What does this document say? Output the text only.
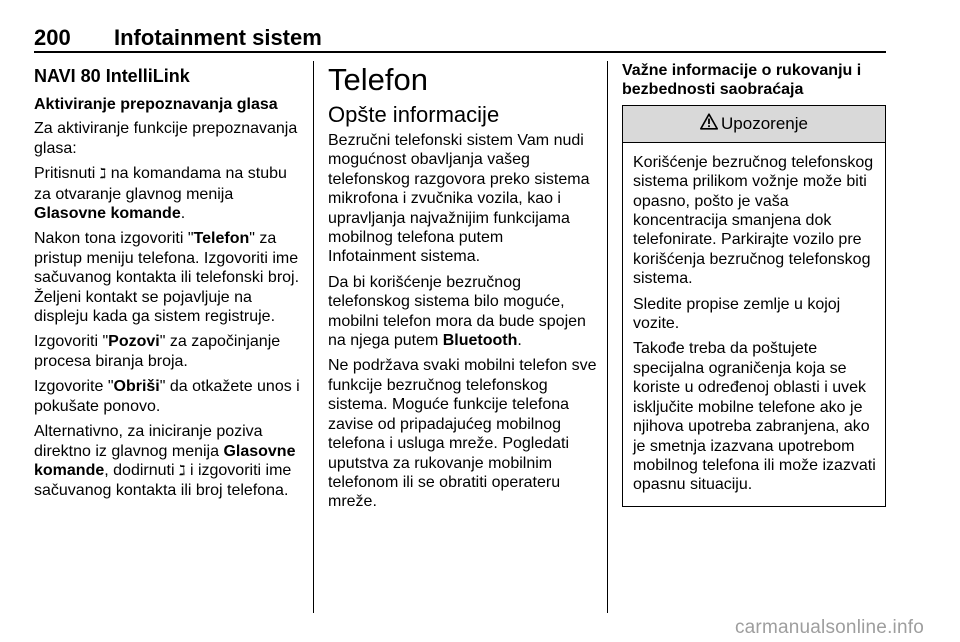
200 Infotainment sistem
NAVI 80 IntelliLink
Aktiviranje prepoznavanja glasa
Za aktiviranje funkcije prepoznavanja
glasa:
Pritisnuti ℷ na komandama na stubu
za otvaranje glavnog menija
Glasovne komande.
Nakon tona izgovoriti "Telefon" za
pristup meniju telefona. Izgovoriti ime
sačuvanog kontakta ili telefonski broj.
Željeni kontakt se pojavljuje na
displeju kada ga sistem registruje.
Izgovoriti "Pozovi" za započinjanje
procesa biranja broja.
Izgovorite "Obriši" da otkažete unos i
pokušate ponovo.
Alternativno, za iniciranje poziva
direktno iz glavnog menija Glasovne
komande, dodirnuti ℷ i izgovoriti ime
sačuvanog kontakta ili broj telefona.
Telefon
Opšte informacije
Bezručni telefonski sistem Vam nudi
mogućnost obavljanja vašeg
telefonskog razgovora preko sistema
mikrofona i zvučnika vozila, kao i
upravljanja najvažnijim funkcijama
mobilnog telefona putem
Infotainment sistema.
Da bi korišćenje bezručnog
telefonskog sistema bilo moguće,
mobilni telefon mora da bude spojen
na njega putem Bluetooth.
Ne podržava svaki mobilni telefon sve
funkcije bezručnog telefonskog
sistema. Moguće funkcije telefona
zavise od pripadajućeg mobilnog
telefona i usluga mreže. Pogledati
uputstva za rukovanje mobilnim
telefonom ili se obratiti operateru
mreže.
Važne informacije o rukovanju i
bezbednosti saobraćaja
Upozorenje
Korišćenje bezručnog telefonskog
sistema prilikom vožnje može biti
opasno, pošto je vaša
koncentracija smanjena dok
telefonirate. Parkirajte vozilo pre
korišćenja bezručnog telefonskog
sistema.
Sledite propise zemlje u kojoj
vozite.
Takođe treba da poštujete
specijalna ograničenja koja se
koriste u određenoj oblasti i uvek
isključite mobilne telefone ako je
njihova upotreba zabranjena, ako
je smetnja izazvana upotrebom
mobilnog telefona ili može izazvati
opasnu situaciju.
carmanualsonline.info
